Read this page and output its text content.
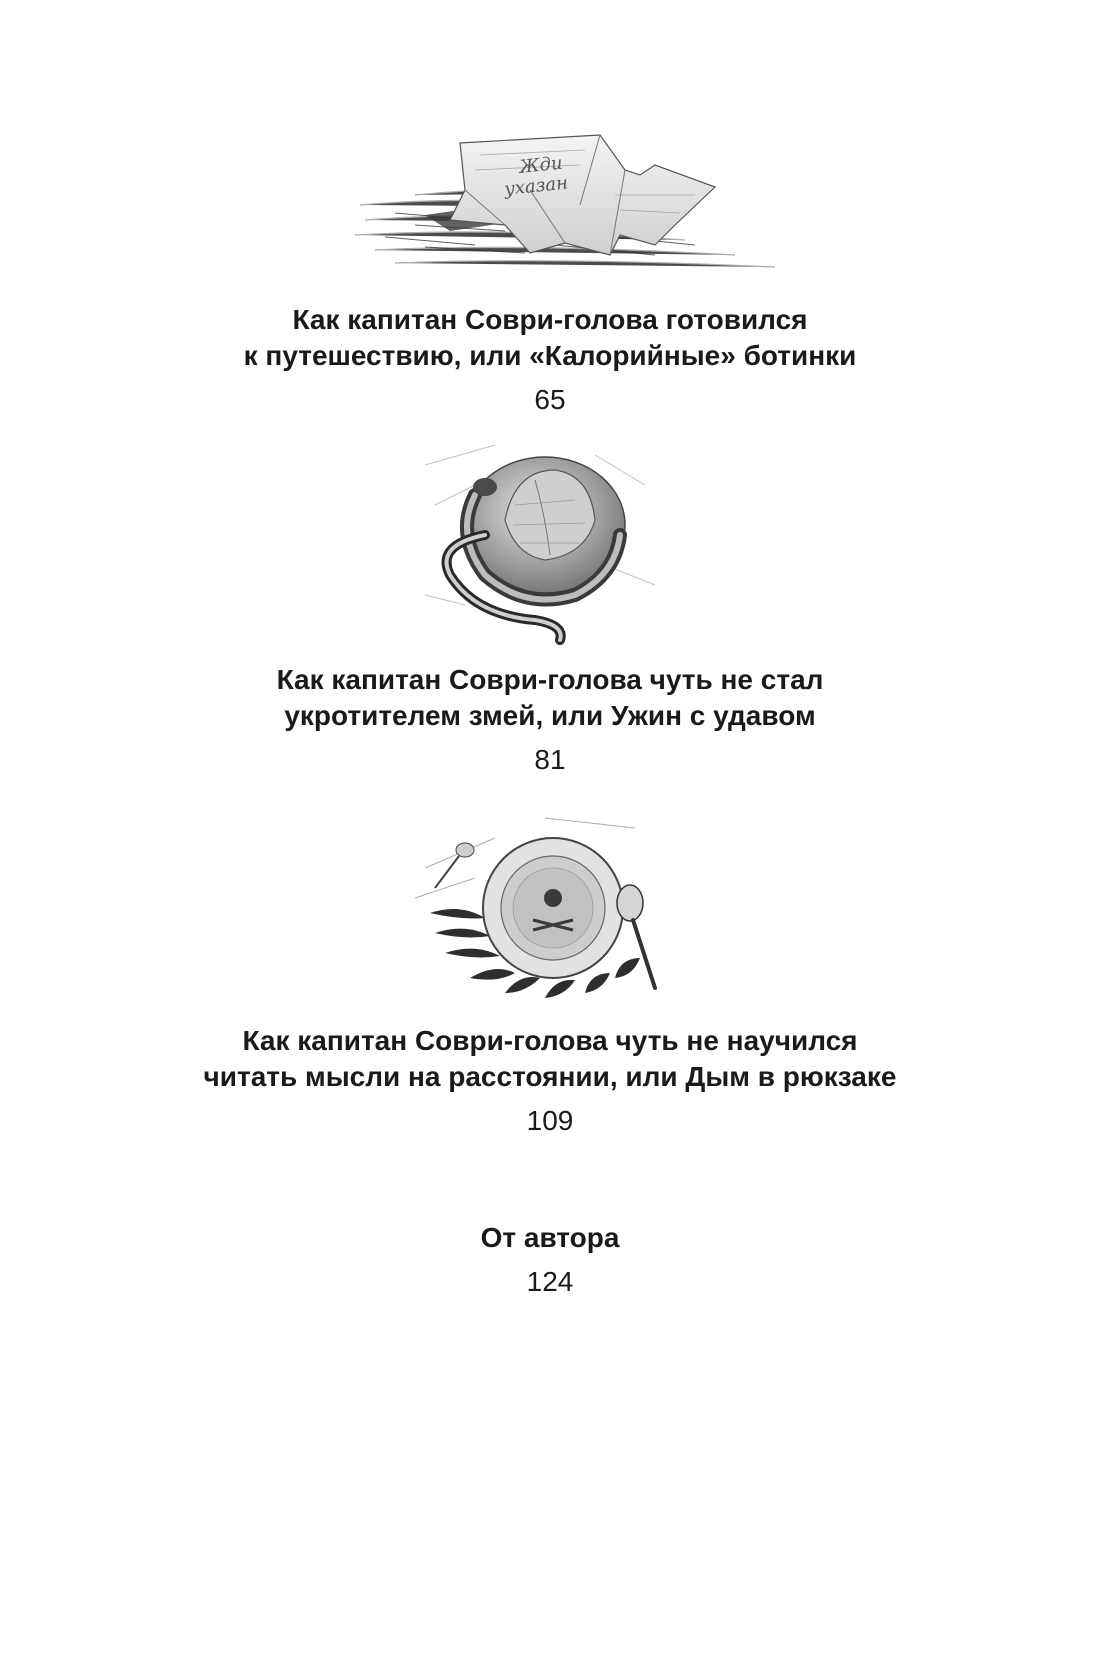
Жди
ухазан
Как капитан Соври-голова готовился
к путешествию, или «Калорийные» ботинки
65
Как капитан Соври-голова чуть не стал
укротителем змей, или Ужин с удавом
81
Как капитан Соври-голова чуть не научился
читать мысли на расстоянии, или Дым в рюкзаке
109
От автора
124
